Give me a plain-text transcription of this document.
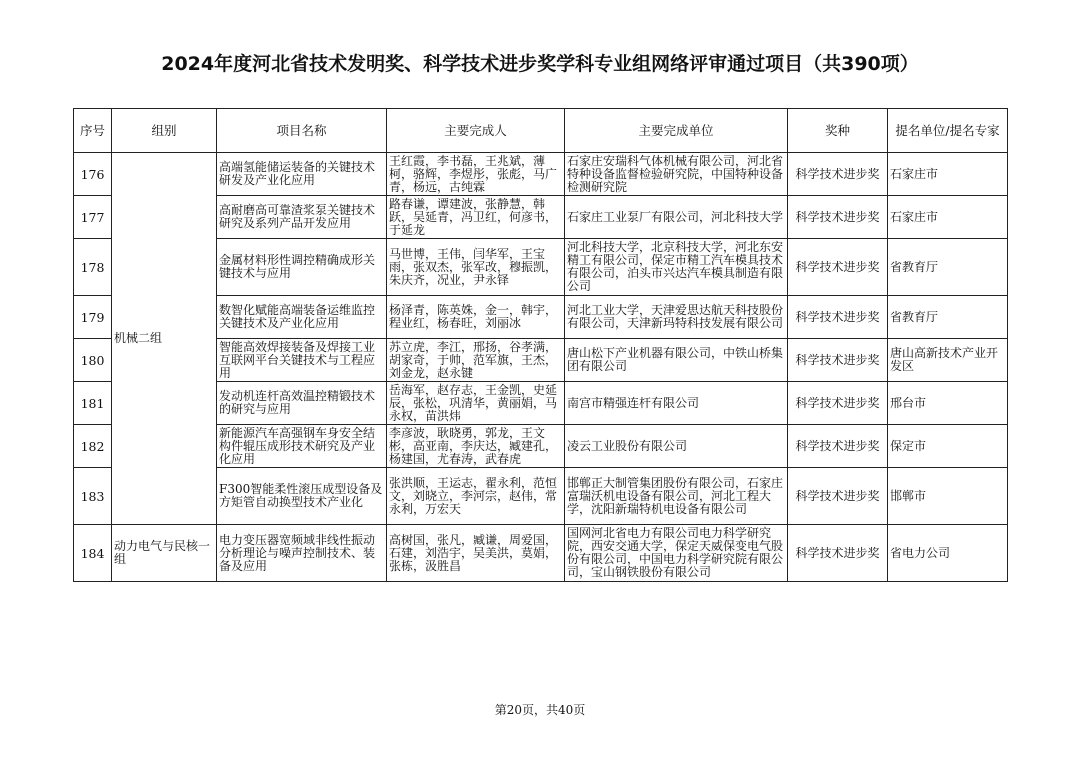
2024年度河北省技术发明奖、科学技术进步奖学科专业组网络评审通过项目（共390项）
序号	组别	项目名称	主要完成人	主要完成单位	奖种	提名单位/提名专家
176	机械二组	高端氢能储运装备的关键技术研发及产业化应用	王红霞，李书磊，王兆斌，薄柯，骆辉，李煜彤，张彪，马广青，杨远，古纯霖	石家庄安瑞科气体机械有限公司，河北省特种设备监督检验研究院，中国特种设备检测研究院	科学技术进步奖	石家庄市
177		高耐磨高可靠渣浆泵关键技术研究及系列产品开发应用	路春谦，谭建波，张静慧，韩跃，吴延青，冯卫红，何彦书，于延龙	石家庄工业泵厂有限公司，河北科技大学	科学技术进步奖	石家庄市
178		金属材料形性调控精确成形关键技术与应用	马世博，王伟，闫华军，王宝雨，张双杰，张军改，穆振凯，朱庆齐，况业，尹永铎	河北科技大学，北京科技大学，河北东安精工有限公司，保定市精工汽车模具技术有限公司，泊头市兴达汽车模具制造有限公司	科学技术进步奖	省教育厅
179		数智化赋能高端装备运维监控关键技术及产业化应用	杨泽青，陈英姝，金一，韩宇，程业红，杨春旺，刘丽冰	河北工业大学，天津爱思达航天科技股份有限公司，天津新玛特科技发展有限公司	科学技术进步奖	省教育厅
180		智能高效焊接装备及焊接工业互联网平台关键技术与工程应用	苏立虎，李江，邢扬，谷孝满，胡家奇，于帅，范军旗，王杰，刘金龙，赵永键	唐山松下产业机器有限公司，中铁山桥集团有限公司	科学技术进步奖	唐山高新技术产业开发区
181		发动机连杆高效温控精锻技术的研究与应用	岳海军，赵存志，王金凯，史延辰，张松，巩清华，黄丽娟，马永权，苗洪炜	南宫市精强连杆有限公司	科学技术进步奖	邢台市
182		新能源汽车高强钢车身安全结构件辊压成形技术研究及产业化应用	李彦波，耿晓勇，郭龙，王文彬，高亚南，李庆达，臧建孔，杨建国，尤春涛，武春虎	凌云工业股份有限公司	科学技术进步奖	保定市
183		F300智能柔性滚压成型设备及方矩管自动换型技术产业化	张洪顺，王运志，翟永利，范恒文，刘晓立，李河宗，赵伟，常永利，万宏天	邯郸正大制管集团股份有限公司，石家庄富瑞沃机电设备有限公司，河北工程大学，沈阳新瑞特机电设备有限公司	科学技术进步奖	邯郸市
184	动力电气与民核一组	电力变压器宽频域非线性振动分析理论与噪声控制技术、装备及应用	高树国，张凡，臧谦，周爱国，石建，刘浩宇，吴美洪，莫娟，张栋，汲胜昌	国网河北省电力有限公司电力科学研究院，西安交通大学，保定天威保变电气股份有限公司，中国电力科学研究院有限公司，宝山钢铁股份有限公司	科学技术进步奖	省电力公司
第20页，共40页
